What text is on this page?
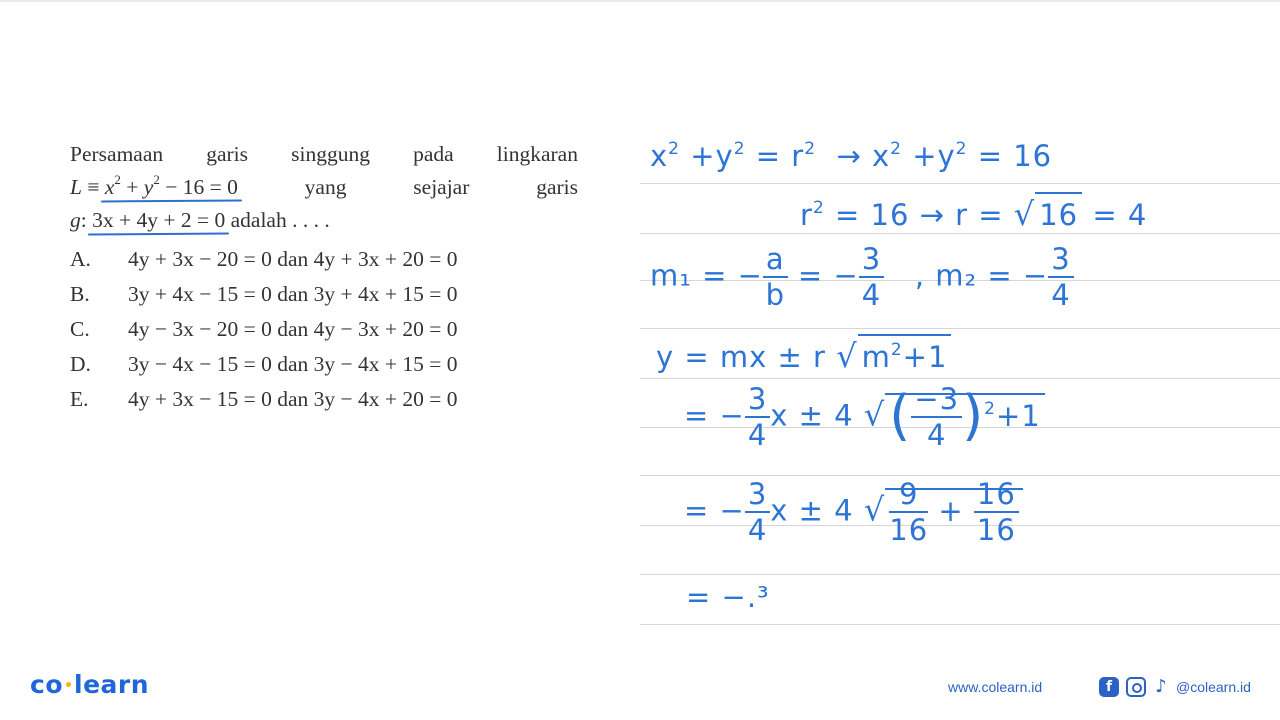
Persamaan garis singgung pada lingkaran
$L \equiv x^2 + y^2 - 16 = 0$	yang	sejajar	garis
g: 3x + 4y + 2 = 0 adalah . . . .
A. 4y + 3x − 20 = 0 dan 4y + 3x + 20 = 0
B. 3y + 4x − 15 = 0 dan 3y + 4x + 15 = 0
C. 4y − 3x − 20 = 0 dan 4y − 3x + 20 = 0
D. 3y − 4x − 15 = 0 dan 3y − 4x + 15 = 0
E. 4y + 3x − 15 = 0 dan 3y − 4x + 20 = 0
$x^2 +y^2 = r^2 \to x^2 +y^2 = 16$
$r^2 = 16 \to r$ = √ 16 = 4
m₁ = − $\frac{a}{b}$ = − $\frac{3}{4}$ , m₂ = − $\frac{3}{4}$
y = mx ± r √ $m^2+1$
= − $\frac{3}{4}$ x ± 4 √( $\frac{-3}{4} )^2+1$
= − $\frac{3}{4}$ x ± 4 √ $\frac{9}{16} + \frac{16}{16}$
= −.³
co learn	www.colearn.id	f	♪ @colearn.id
